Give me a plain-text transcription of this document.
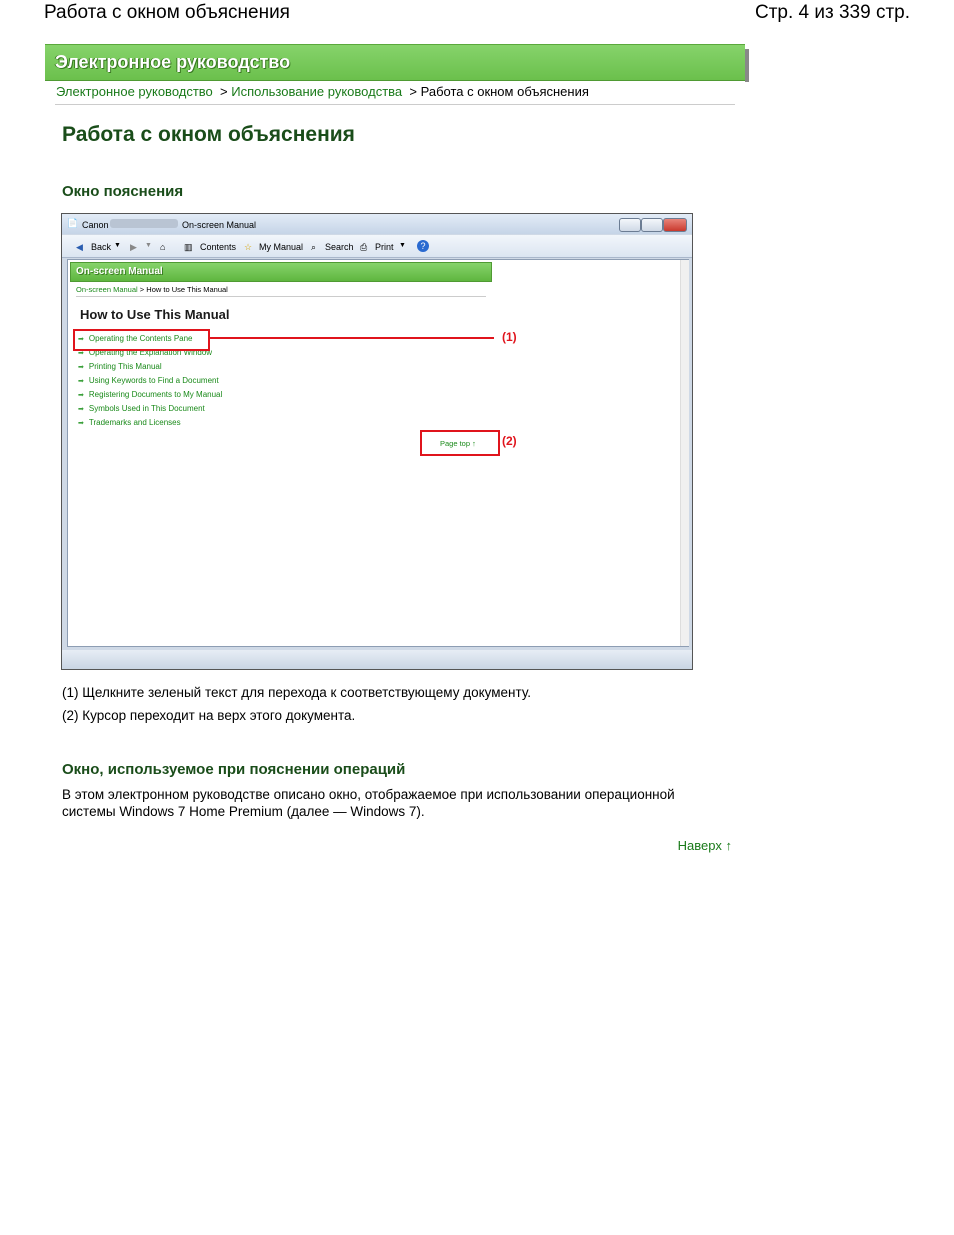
Работа с окном объяснения	Стр. 4 из 339 стр.
Электронное руководство
Электронное руководство > Использование руководства > Работа с окном объяснения
Работа с окном объяснения
Окно пояснения
📄 Canon	On-screen Manual
◀ Back ▼ ▶ ▼ ⌂ ▥ Contents ☆ My Manual ⌕ Search ⎙ Print ▼	?
On-screen Manual
On-screen Manual > How to Use This Manual
How to Use This Manual
➡ Operating the Contents Pane
➡ Operating the Explanation Window
➡ Printing This Manual
➡ Using Keywords to Find a Document
➡ Registering Documents to My Manual
➡ Symbols Used in This Document
➡ Trademarks and Licenses
(1)
Page top ↑ (2)
(1) Щелкните зеленый текст для перехода к соответствующему документу.
(2) Курсор переходит на верх этого документа.
Окно, используемое при пояснении операций
В этом электронном руководстве описано окно, отображаемое при использовании операционной системы Windows 7 Home Premium (далее — Windows 7).
Наверх ↑
